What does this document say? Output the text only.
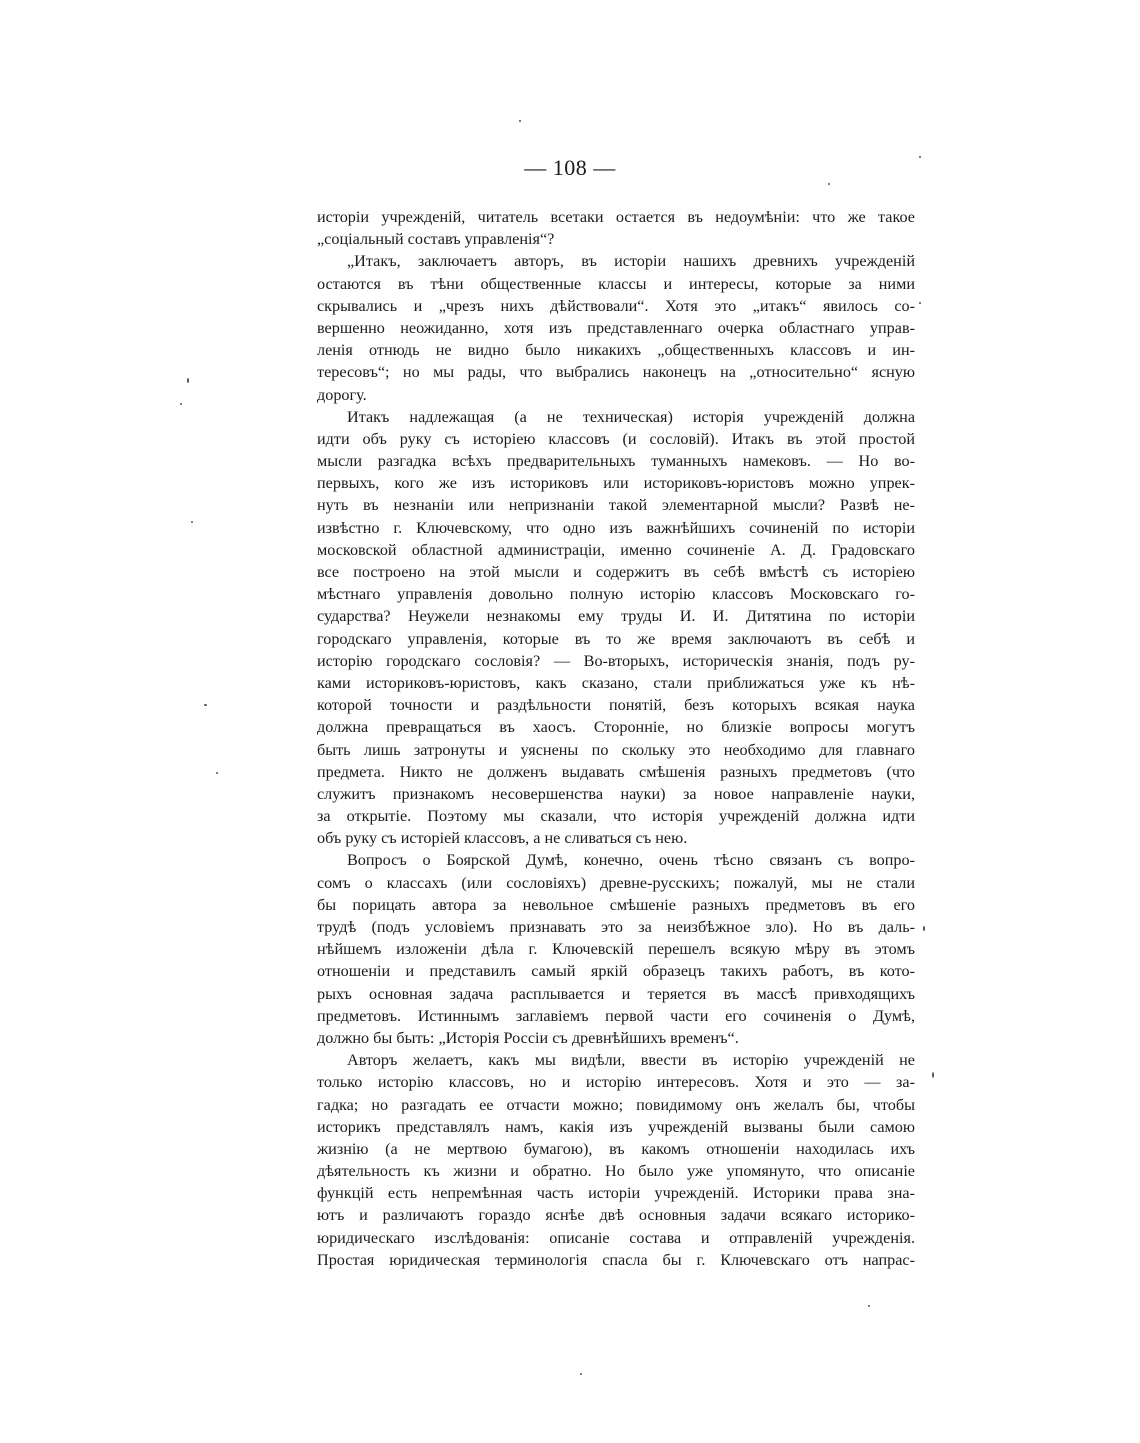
— 108 —
исторіи учрежденій, читатель всетаки остается въ недоумѣніи: что же такое
„соціальный составъ управленія“?
„Итакъ, заключаетъ авторъ, въ исторіи нашихъ древнихъ учрежденій
остаются въ тѣни общественные классы и интересы, которые за ними
скрывались и „чрезъ нихъ дѣйствовали“. Хотя это „итакъ“ явилось со-
вершенно неожиданно, хотя изъ представленнаго очерка областнаго управ-
ленія отнюдь не видно было никакихъ „общественныхъ классовъ и ин-
тересовъ“; но мы рады, что выбрались наконецъ на „относительно“ ясную
дорогу.
Итакъ надлежащая (а не техническая) исторія учрежденій должна
идти объ руку съ исторіею классовъ (и сословій). Итакъ въ этой простой
мысли разгадка всѣхъ предварительныхъ туманныхъ намековъ. — Но во-
первыхъ, кого же изъ историковъ или историковъ-юристовъ можно упрек-
нуть въ незнаніи или непризнаніи такой элементарной мысли? Развѣ не-
извѣстно г. Ключевскому, что одно изъ важнѣйшихъ сочиненій по исторіи
московской областной администраціи, именно сочиненіе А. Д. Градовскаго
все построено на этой мысли и содержитъ въ себѣ вмѣстѣ съ исторіею
мѣстнаго управленія довольно полную исторію классовъ Московскаго го-
сударства? Неужели незнакомы ему труды И. И. Дитятина по исторіи
городскаго управленія, которые въ то же время заключаютъ въ себѣ и
исторію городскаго сословія? — Во-вторыхъ, историческія знанія, подъ ру-
ками историковъ-юристовъ, какъ сказано, стали приближаться уже къ нѣ-
которой точности и раздѣльности понятій, безъ которыхъ всякая наука
должна превращаться въ хаосъ. Сторонніе, но близкіе вопросы могутъ
быть лишь затронуты и уяснены по скольку это необходимо для главнаго
предмета. Никто не долженъ выдавать смѣшенія разныхъ предметовъ (что
служитъ признакомъ несовершенства науки) за новое направленіе науки,
за открытіе. Поэтому мы сказали, что исторія учрежденій должна идти
объ руку съ исторіей классовъ, а не сливаться съ нею.
Вопросъ о Боярской Думѣ, конечно, очень тѣсно связанъ съ вопро-
сомъ о классахъ (или сословіяхъ) древне-русскихъ; пожалуй, мы не стали
бы порицать автора за невольное смѣшеніе разныхъ предметовъ въ его
трудѣ (подъ условіемъ признавать это за неизбѣжное зло). Но въ даль-
нѣйшемъ изложеніи дѣла г. Ключевскій перешелъ всякую мѣру въ этомъ
отношеніи и представилъ самый яркій образецъ такихъ работъ, въ кото-
рыхъ основная задача расплывается и теряется въ массѣ привходящихъ
предметовъ. Истиннымъ заглавіемъ первой части его сочиненія о Думѣ,
должно бы быть: „Исторія Россіи съ древнѣйшихъ временъ“.
Авторъ желаетъ, какъ мы видѣли, ввести въ исторію учрежденій не
только исторію классовъ, но и исторію интересовъ. Хотя и это — за-
гадка; но разгадать ее отчасти можно; повидимому онъ желалъ бы, чтобы
историкъ представлялъ намъ, какія изъ учрежденій вызваны были самою
жизнію (а не мертвою бумагою), въ какомъ отношеніи находилась ихъ
дѣятельность къ жизни и обратно. Но было уже упомянуто, что описаніе
функцій есть непремѣнная часть исторіи учрежденій. Историки права зна-
ютъ и различаютъ гораздо яснѣе двѣ основныя задачи всякаго историко-
юридическаго изслѣдованія: описаніе состава и отправленій учрежденія.
Простая юридическая терминологія спасла бы г. Ключевскаго отъ напрас-
